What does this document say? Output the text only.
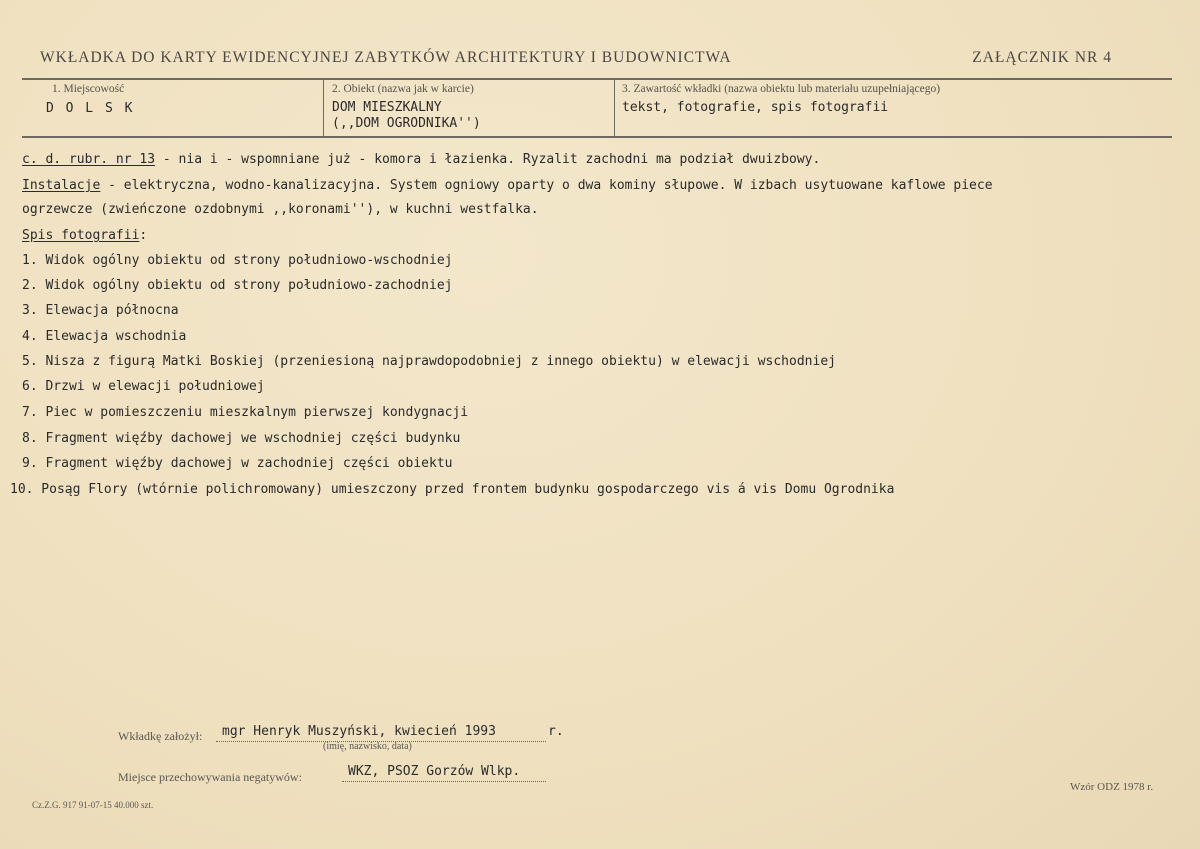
WKŁADKA DO KARTY EWIDENCYJNEJ ZABYTKÓW ARCHITEKTURY I BUDOWNICTWA	ZAŁĄCZNIK NR 4
1. Miejscowość
D O L S K
2. Obiekt (nazwa jak w karcie)
DOM MIESZKALNY
(,,DOM OGRODNIKA'')
3. Zawartość wkładki (nazwa obiektu lub materiału uzupełniającego)
tekst, fotografie, spis fotografii
c. d. rubr. nr 13 - nia i - wspomniane już - komora i łazienka. Ryzalit zachodni ma podział dwuizbowy.
Instalacje - elektryczna, wodno-kanalizacyjna. System ogniowy oparty o dwa kominy słupowe. W izbach usytuowane kaflowe piece
ogrzewcze (zwieńczone ozdobnymi ,,koronami''), w kuchni westfalka.
Spis fotografii:
1. Widok ogólny obiektu od strony południowo-wschodniej
2. Widok ogólny obiektu od strony południowo-zachodniej
3. Elewacja północna
4. Elewacja wschodnia
5. Nisza z figurą Matki Boskiej (przeniesioną najprawdopodobniej z innego obiektu) w elewacji wschodniej
6. Drzwi w elewacji południowej
7. Piec w pomieszczeniu mieszkalnym pierwszej kondygnacji
8. Fragment więźby dachowej we wschodniej części budynku
9. Fragment więźby dachowej w zachodniej części obiektu
10. Posąg Flory (wtórnie polichromowany) umieszczony przed frontem budynku gospodarczego vis á vis Domu Ogrodnika
Wkładkę założył: mgr Henryk Muszyński, kwiecień 1993	r.
(imię, nazwisko, data)
Miejsce przechowywania negatywów:	WKZ, PSOZ Gorzów Wlkp.
Cz.Z.G. 917 91-07-15 40.000 szt.
Wzór ODZ 1978 r.
